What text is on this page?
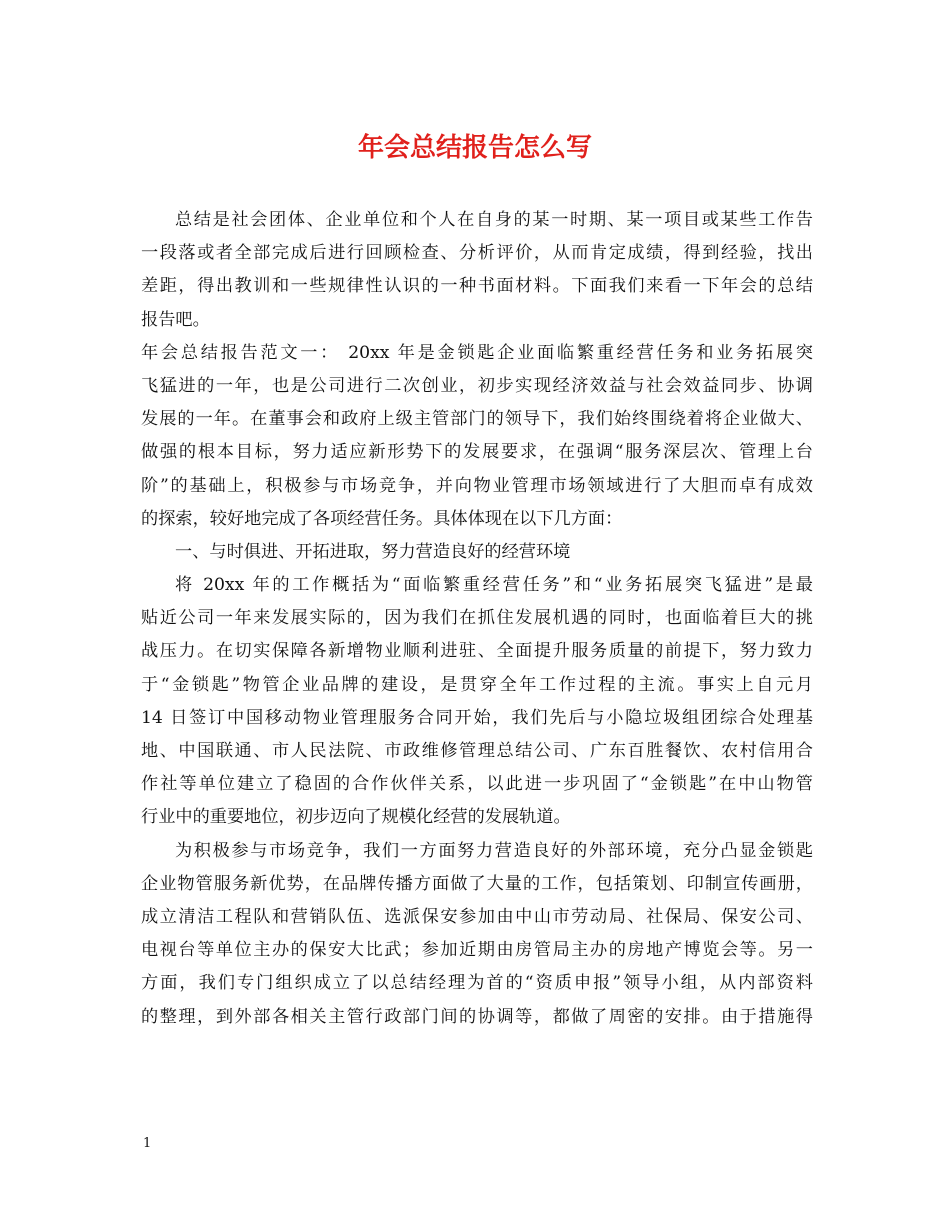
年会总结报告怎么写
总结是社会团体、企业单位和个人在自身的某一时期、某一项目或某些工作告
一段落或者全部完成后进行回顾检查、分析评价，从而肯定成绩，得到经验，找出
差距，得出教训和一些规律性认识的一种书面材料。下面我们来看一下年会的总结
报告吧。
年会总结报告范文一： 20xx 年是金锁匙企业面临繁重经营任务和业务拓展突
飞猛进的一年，也是公司进行二次创业，初步实现经济效益与社会效益同步、协调
发展的一年。在董事会和政府上级主管部门的领导下，我们始终围绕着将企业做大、
做强的根本目标，努力适应新形势下的发展要求，在强调“服务深层次、管理上台
阶”的基础上，积极参与市场竞争，并向物业管理市场领域进行了大胆而卓有成效
的探索，较好地完成了各项经营任务。具体体现在以下几方面：
一、与时俱进、开拓进取，努力营造良好的经营环境
将 20xx 年的工作概括为“面临繁重经营任务”和“业务拓展突飞猛进”是最
贴近公司一年来发展实际的，因为我们在抓住发展机遇的同时，也面临着巨大的挑
战压力。在切实保障各新增物业顺利进驻、全面提升服务质量的前提下，努力致力
于“金锁匙”物管企业品牌的建设，是贯穿全年工作过程的主流。事实上自元月
14 日签订中国移动物业管理服务合同开始，我们先后与小隐垃圾组团综合处理基
地、中国联通、市人民法院、市政维修管理总结公司、广东百胜餐饮、农村信用合
作社等单位建立了稳固的合作伙伴关系，以此进一步巩固了“金锁匙”在中山物管
行业中的重要地位，初步迈向了规模化经营的发展轨道。
为积极参与市场竞争，我们一方面努力营造良好的外部环境，充分凸显金锁匙
企业物管服务新优势，在品牌传播方面做了大量的工作，包括策划、印制宣传画册，
成立清洁工程队和营销队伍、选派保安参加由中山市劳动局、社保局、保安公司、
电视台等单位主办的保安大比武；参加近期由房管局主办的房地产博览会等。另一
方面，我们专门组织成立了以总结经理为首的“资质申报”领导小组，从内部资料
的整理，到外部各相关主管行政部门间的协调等，都做了周密的安排。由于措施得
1
